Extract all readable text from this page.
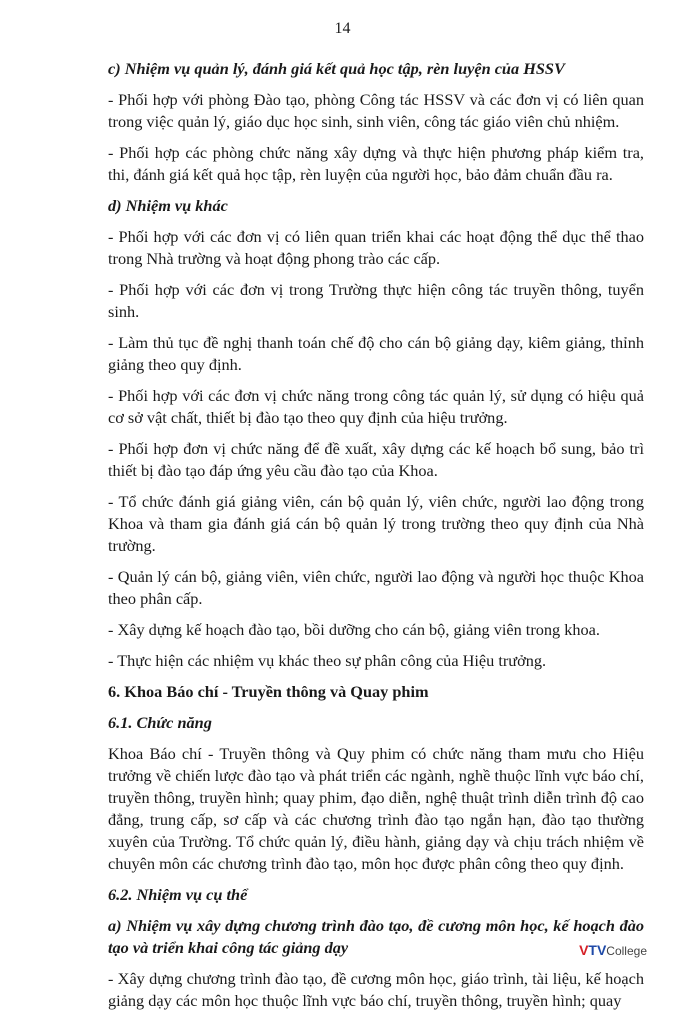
14

c) Nhiệm vụ quản lý, đánh giá kết quả học tập, rèn luyện của HSSV

- Phối hợp với phòng Đào tạo, phòng Công tác HSSV và các đơn vị có liên quan trong việc quản lý, giáo dục học sinh, sinh viên, công tác giáo viên chủ nhiệm.

- Phối hợp các phòng chức năng xây dựng và thực hiện phương pháp kiểm tra, thi, đánh giá kết quả học tập, rèn luyện của người học, bảo đảm chuẩn đầu ra.

d) Nhiệm vụ khác

- Phối hợp với các đơn vị có liên quan triển khai các hoạt động thể dục thể thao trong Nhà trường và hoạt động phong trào các cấp.

- Phối hợp với các đơn vị trong Trường thực hiện công tác truyền thông, tuyển sinh.

- Làm thủ tục đề nghị thanh toán chế độ cho cán bộ giảng dạy, kiêm giảng, thỉnh giảng theo quy định.

- Phối hợp với các đơn vị chức năng trong công tác quản lý, sử dụng có hiệu quả cơ sở vật chất, thiết bị đào tạo theo quy định của hiệu trưởng.

- Phối hợp đơn vị chức năng để đề xuất, xây dựng các kế hoạch bổ sung, bảo trì thiết bị đào tạo đáp ứng yêu cầu đào tạo của Khoa.

- Tổ chức đánh giá giảng viên, cán bộ quản lý, viên chức, người lao động trong Khoa và tham gia đánh giá cán bộ quản lý trong trường theo quy định của Nhà trường.

- Quản lý cán bộ, giảng viên, viên chức, người lao động và người học thuộc Khoa theo phân cấp.

- Xây dựng kế hoạch đào tạo, bồi dưỡng cho cán bộ, giảng viên trong khoa.

- Thực hiện các nhiệm vụ khác theo sự phân công của Hiệu trưởng.

6. Khoa Báo chí - Truyền thông và Quay phim

6.1. Chức năng

Khoa Báo chí - Truyền thông và Quy phim có chức năng tham mưu cho Hiệu trưởng về chiến lược đào tạo và phát triển các ngành, nghề thuộc lĩnh vực báo chí, truyền thông, truyền hình; quay phim, đạo diễn, nghệ thuật trình diễn trình độ cao đẳng, trung cấp, sơ cấp và các chương trình đào tạo ngắn hạn, đào tạo thường xuyên của Trường. Tổ chức quản lý, điều hành, giảng dạy và chịu trách nhiệm về chuyên môn các chương trình đào tạo, môn học được phân công theo quy định.

6.2. Nhiệm vụ cụ thể

a) Nhiệm vụ xây dựng chương trình đào tạo, đề cương môn học, kế hoạch đào tạo và triển khai công tác giảng dạy

- Xây dựng chương trình đào tạo, đề cương môn học, giáo trình, tài liệu, kế hoạch giảng dạy các môn học thuộc lĩnh vực báo chí, truyền thông, truyền hình; quay

VTVCollege
